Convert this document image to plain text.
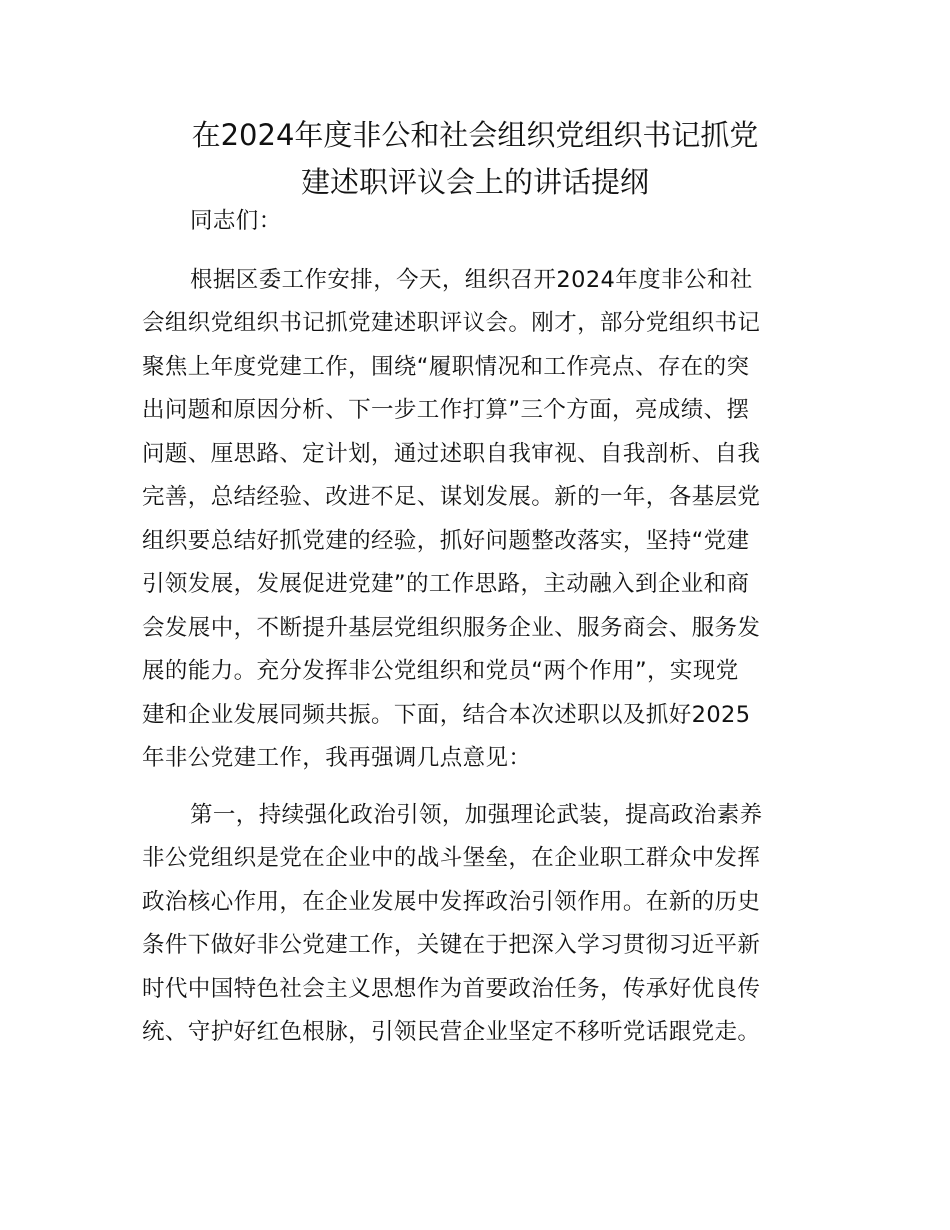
在2024年度非公和社会组织党组织书记抓党
建述职评议会上的讲话提纲

同志们：

根据区委工作安排，今天，组织召开2024年度非公和社
会组织党组织书记抓党建述职评议会。刚才，部分党组织书记
聚焦上年度党建工作，围绕“履职情况和工作亮点、存在的突
出问题和原因分析、下一步工作打算”三个方面，亮成绩、摆
问题、厘思路、定计划，通过述职自我审视、自我剖析、自我
完善，总结经验、改进不足、谋划发展。新的一年，各基层党
组织要总结好抓党建的经验，抓好问题整改落实，坚持“党建
引领发展，发展促进党建”的工作思路，主动融入到企业和商
会发展中，不断提升基层党组织服务企业、服务商会、服务发
展的能力。充分发挥非公党组织和党员“两个作用”，实现党
建和企业发展同频共振。下面，结合本次述职以及抓好2025
年非公党建工作，我再强调几点意见：

第一，持续强化政治引领，加强理论武装，提高政治素养
非公党组织是党在企业中的战斗堡垒，在企业职工群众中发挥
政治核心作用，在企业发展中发挥政治引领作用。在新的历史
条件下做好非公党建工作，关键在于把深入学习贯彻习近平新
时代中国特色社会主义思想作为首要政治任务，传承好优良传
统、守护好红色根脉，引领民营企业坚定不移听党话跟党走。
